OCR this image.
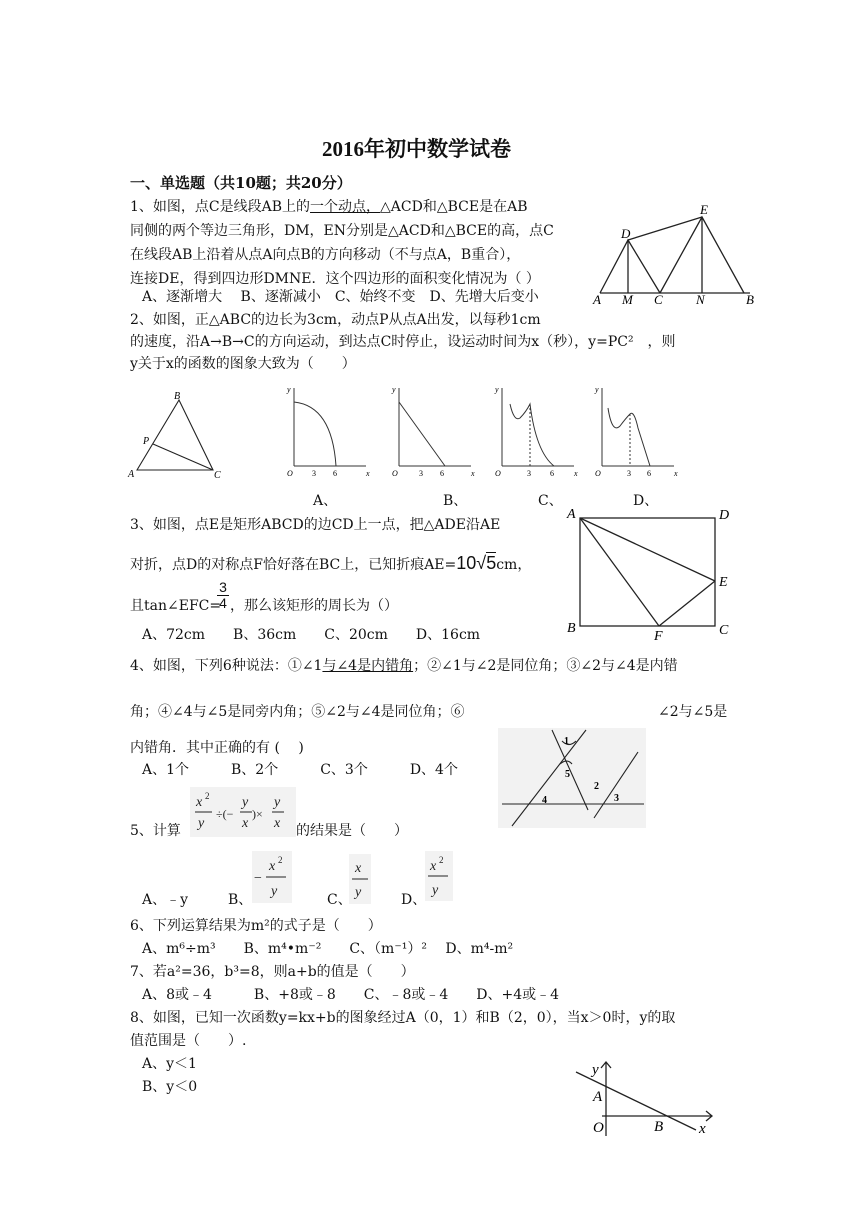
2016年初中数学试卷
一、单选题（共10题；共20分）
1、如图，点C是线段AB上的一个动点，△ACD和△BCE是在AB
同侧的两个等边三角形，DM，EN分别是△ACD和△BCE的高，点C
在线段AB上沿着从点A向点B的方向移动（不与点A，B重合），
连接DE，得到四边形DMNE．这个四边形的面积变化情况为（ ）
A、逐渐增大　 B、逐渐减小　C、始终不变　D、先增大后变小	A M C	N	B
D
E
2、如图，正△ABC的边长为3cm，动点P从点A出发，以每秒1cm
的速度，沿A→B→C的方向运动，到达点C时停止，设运动时间为x（秒），y=PC²　，则
y关于x的函数的图象大致为（　　）
B
A	C
P
y
x
O 3 6
y
x
O	3 6
y
x
O	3 6
y
x
O	3 6
A、	B、	C、	D、
3、如图，点E是矩形ABCD的边CD上一点，把△ADE沿AE
对折，点D的对称点F恰好落在BC上，已知折痕AE=10√5cm，
且tan∠EFC=
$\frac{3}{4}$ ，那么该矩形的周长为（）
A、72cm　　B、36cm　　C、20cm　　D、16cm
A	D
E
B
F	C
4、如图，下列6种说法：①∠1与∠4是内错角；②∠1与∠2是同位角；③∠2与∠4是内错
角；④∠4与∠5是同旁内角；⑤∠2与∠4是同位角；⑥	∠2与∠5是
内错角．其中正确的有 (　 )
A、1个　　　B、2个　　　C、3个　　　D、4个
1
5
2
3
4
x 2
y
÷(−
y
x
)×
y
x
5、计算	的结果是（　　）
A、﹣y	B、
−
x 2
y
C、
x
y	D、
x 2
y
6、下列运算结果为m²的式子是（　　）
A、m⁶÷m³　　B、m⁴•m⁻²　　C、（m⁻¹）²　 D、m⁴-m²
7、若a²=36，b³=8，则a+b的值是（　　）
A、8或﹣4　　　B、+8或﹣8　　C、﹣8或﹣4　　D、+4或﹣4
8、如图，已知一次函数y=kx+b的图象经过A（0，1）和B（2，0），当x＞0时，y的取
值范围是（　　）.
A、y＜1
B、y＜0
y
A
O	B x
